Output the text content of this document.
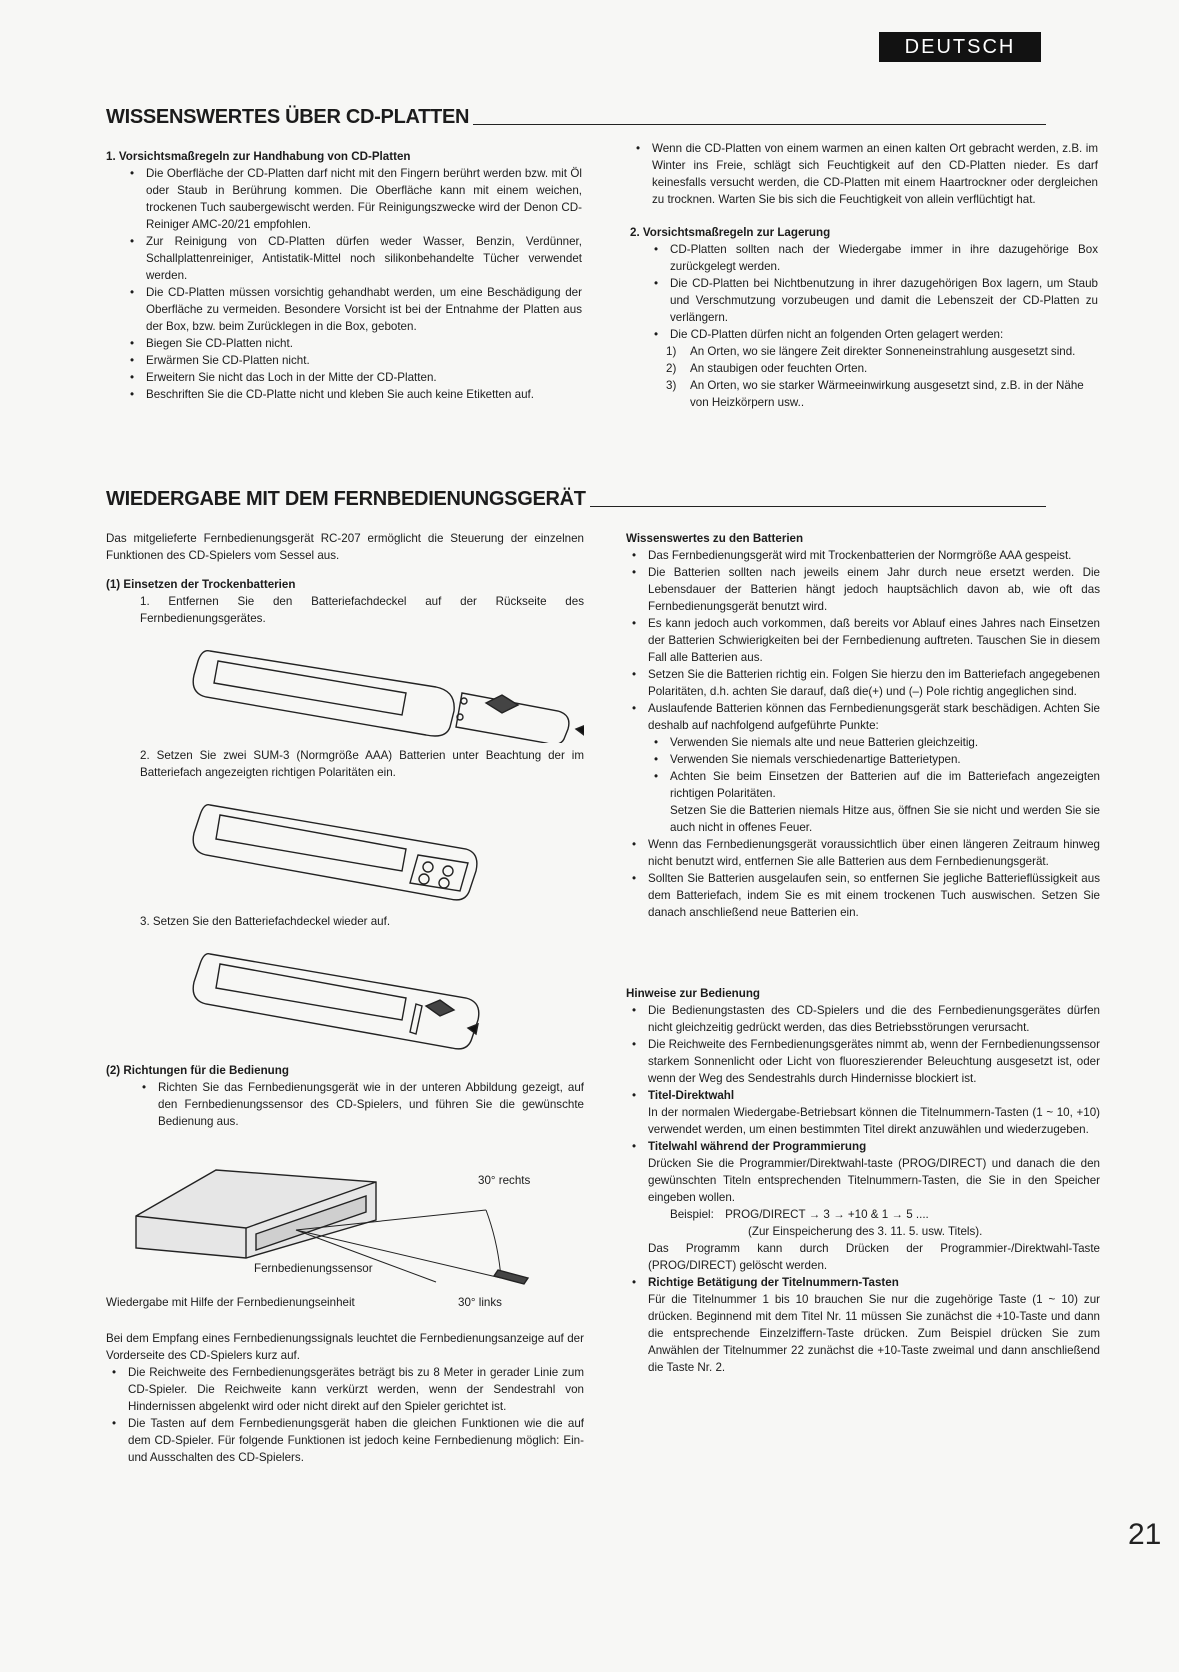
DEUTSCH
WISSENSWERTES ÜBER CD-PLATTEN

1. Vorsichtsmaßregeln zur Handhabung von CD-Platten

• Die Oberfläche der CD-Platten darf nicht mit den Fingern berührt werden bzw. mit Öl oder Staub in Berührung kommen. Die Oberfläche kann mit einem weichen, trockenen Tuch saubergewischt werden. Für Reinigungszwecke wird der Denon CD-Reiniger AMC-20/21 empfohlen.
• Zur Reinigung von CD-Platten dürfen weder Wasser, Benzin, Verdünner, Schallplattenreiniger, Antistatik-Mittel noch silikonbehandelte Tücher verwendet werden.
• Die CD-Platten müssen vorsichtig gehandhabt werden, um eine Beschädigung der Oberfläche zu vermeiden. Besondere Vorsicht ist bei der Entnahme der Platten aus der Box, bzw. beim Zurücklegen in die Box, geboten.
• Biegen Sie CD-Platten nicht.
• Erwärmen Sie CD-Platten nicht.
• Erweitern Sie nicht das Loch in der Mitte der CD-Platten.
• Beschriften Sie die CD-Platte nicht und kleben Sie auch keine Etiketten auf.
• Wenn die CD-Platten von einem warmen an einen kalten Ort gebracht werden, z.B. im Winter ins Freie, schlägt sich Feuchtigkeit auf den CD-Platten nieder. Es darf keinesfalls versucht werden, die CD-Platten mit einem Haartrockner oder dergleichen zu trocknen. Warten Sie bis sich die Feuchtigkeit von allein verflüchtigt hat.

2. Vorsichtsmaßregeln zur Lagerung

• CD-Platten sollten nach der Wiedergabe immer in ihre dazugehörige Box zurückgelegt werden.
• Die CD-Platten bei Nichtbenutzung in ihrer dazugehörigen Box lagern, um Staub und Verschmutzung vorzubeugen und damit die Lebenszeit der CD-Platten zu verlängern.
• Die CD-Platten dürfen nicht an folgenden Orten gelagert werden:
1)	An Orten, wo sie längere Zeit direkter Sonneneinstrahlung ausgesetzt sind.
2)	An staubigen oder feuchten Orten.
3)	An Orten, wo sie starker Wärmeeinwirkung ausgesetzt sind, z.B. in der Nähe von Heizkörpern usw..
WIEDERGABE MIT DEM FERNBEDIENUNGSGERÄT

Das mitgelieferte Fernbedienungsgerät RC-207 ermöglicht die Steuerung der einzelnen Funktionen des CD-Spielers vom Sessel aus.

(1) Einsetzen der Trockenbatterien

1. Entfernen Sie den Batteriefachdeckel auf der Rückseite des Fernbedienungsgerätes.

2. Setzen Sie zwei SUM-3 (Normgröße AAA) Batterien unter Beachtung der im Batteriefach angezeigten richtigen Polaritäten ein.

3. Setzen Sie den Batteriefachdeckel wieder auf.

(2) Richtungen für die Bedienung

• Richten Sie das Fernbedienungsgerät wie in der unteren Abbildung gezeigt, auf den Fernbedienungssensor des CD-Spielers, und führen Sie die gewünschte Bedienung aus.
30° rechts
Fernbedienungssensor
Wiedergabe mit Hilfe der Fernbedienungseinheit	30° links

Bei dem Empfang eines Fernbedienungssignals leuchtet die Fernbedienungsanzeige auf der Vorderseite des CD-Spielers kurz auf.

• Die Reichweite des Fernbedienungsgerätes beträgt bis zu 8 Meter in gerader Linie zum CD-Spieler. Die Reichweite kann verkürzt werden, wenn der Sendestrahl von Hindernissen abgelenkt wird oder nicht direkt auf den Spieler gerichtet ist.
• Die Tasten auf dem Fernbedienungsgerät haben die gleichen Funktionen wie die auf dem CD-Spieler. Für folgende Funktionen ist jedoch keine Fernbedienung möglich: Ein- und Ausschalten des CD-Spielers.

Wissenswertes zu den Batterien

• Das Fernbedienungsgerät wird mit Trockenbatterien der Normgröße AAA gespeist.
• Die Batterien sollten nach jeweils einem Jahr durch neue ersetzt werden. Die Lebensdauer der Batterien hängt jedoch hauptsächlich davon ab, wie oft das Fernbedienungsgerät benutzt wird.
• Es kann jedoch auch vorkommen, daß bereits vor Ablauf eines Jahres nach Einsetzen der Batterien Schwierigkeiten bei der Fernbedienung auftreten. Tauschen Sie in diesem Fall alle Batterien aus.
• Setzen Sie die Batterien richtig ein. Folgen Sie hierzu den im Batteriefach angegebenen Polaritäten, d.h. achten Sie darauf, daß die(+) und (–) Pole richtig angeglichen sind.
• Auslaufende Batterien können das Fernbedienungsgerät stark beschädigen. Achten Sie deshalb auf nachfolgend aufgeführte Punkte:
• Verwenden Sie niemals alte und neue Batterien gleichzeitig.
• Verwenden Sie niemals verschiedenartige Batterietypen.
• Achten Sie beim Einsetzen der Batterien auf die im Batteriefach angezeigten richtigen Polaritäten.

Setzen Sie die Batterien niemals Hitze aus, öffnen Sie sie nicht und werden Sie sie auch nicht in offenes Feuer.

• Wenn das Fernbedienungsgerät voraussichtlich über einen längeren Zeitraum hinweg nicht benutzt wird, entfernen Sie alle Batterien aus dem Fernbedienungsgerät.
• Sollten Sie Batterien ausgelaufen sein, so entfernen Sie jegliche Batterieflüssigkeit aus dem Batteriefach, indem Sie es mit einem trockenen Tuch auswischen. Setzen Sie danach anschließend neue Batterien ein.

Hinweise zur Bedienung

• Die Bedienungstasten des CD-Spielers und die des Fernbedienungsgerätes dürfen nicht gleichzeitig gedrückt werden, das dies Betriebsstörungen verursacht.
• Die Reichweite des Fernbedienungsgerätes nimmt ab, wenn der Fernbedienungssensor starkem Sonnenlicht oder Licht von fluoreszierender Beleuchtung ausgesetzt ist, oder wenn der Weg des Sendestrahls durch Hindernisse blockiert ist.
• Titel-Direktwahl
In der normalen Wiedergabe-Betriebsart können die Titelnummern-Tasten (1 ~ 10, +10) verwendet werden, um einen bestimmten Titel direkt anzuwählen und wiederzugeben.
• Titelwahl während der Programmierung
Drücken Sie die Programmier/Direktwahl-taste (PROG/DIRECT) und danach die den gewünschten Titeln entsprechenden Titelnummern-Tasten, die Sie in den Speicher eingeben wollen.
Beispiel: PROG/DIRECT → 3 → +10 & 1 → 5 ....
(Zur Einspeicherung des 3. 11. 5. usw. Titels).
Das Programm kann durch Drücken der Programmier-/Direktwahl-Taste (PROG/DIRECT) gelöscht werden.
• Richtige Betätigung der Titelnummern-Tasten
Für die Titelnummer 1 bis 10 brauchen Sie nur die zugehörige Taste (1 ~ 10) zur drücken. Beginnend mit dem Titel Nr. 11 müssen Sie zunächst die +10-Taste und dann die entsprechende Einzelziffern-Taste drücken. Zum Beispiel drücken Sie zum Anwählen der Titelnummer 22 zunächst die +10-Taste zweimal und dann anschließend die Taste Nr. 2.
21
